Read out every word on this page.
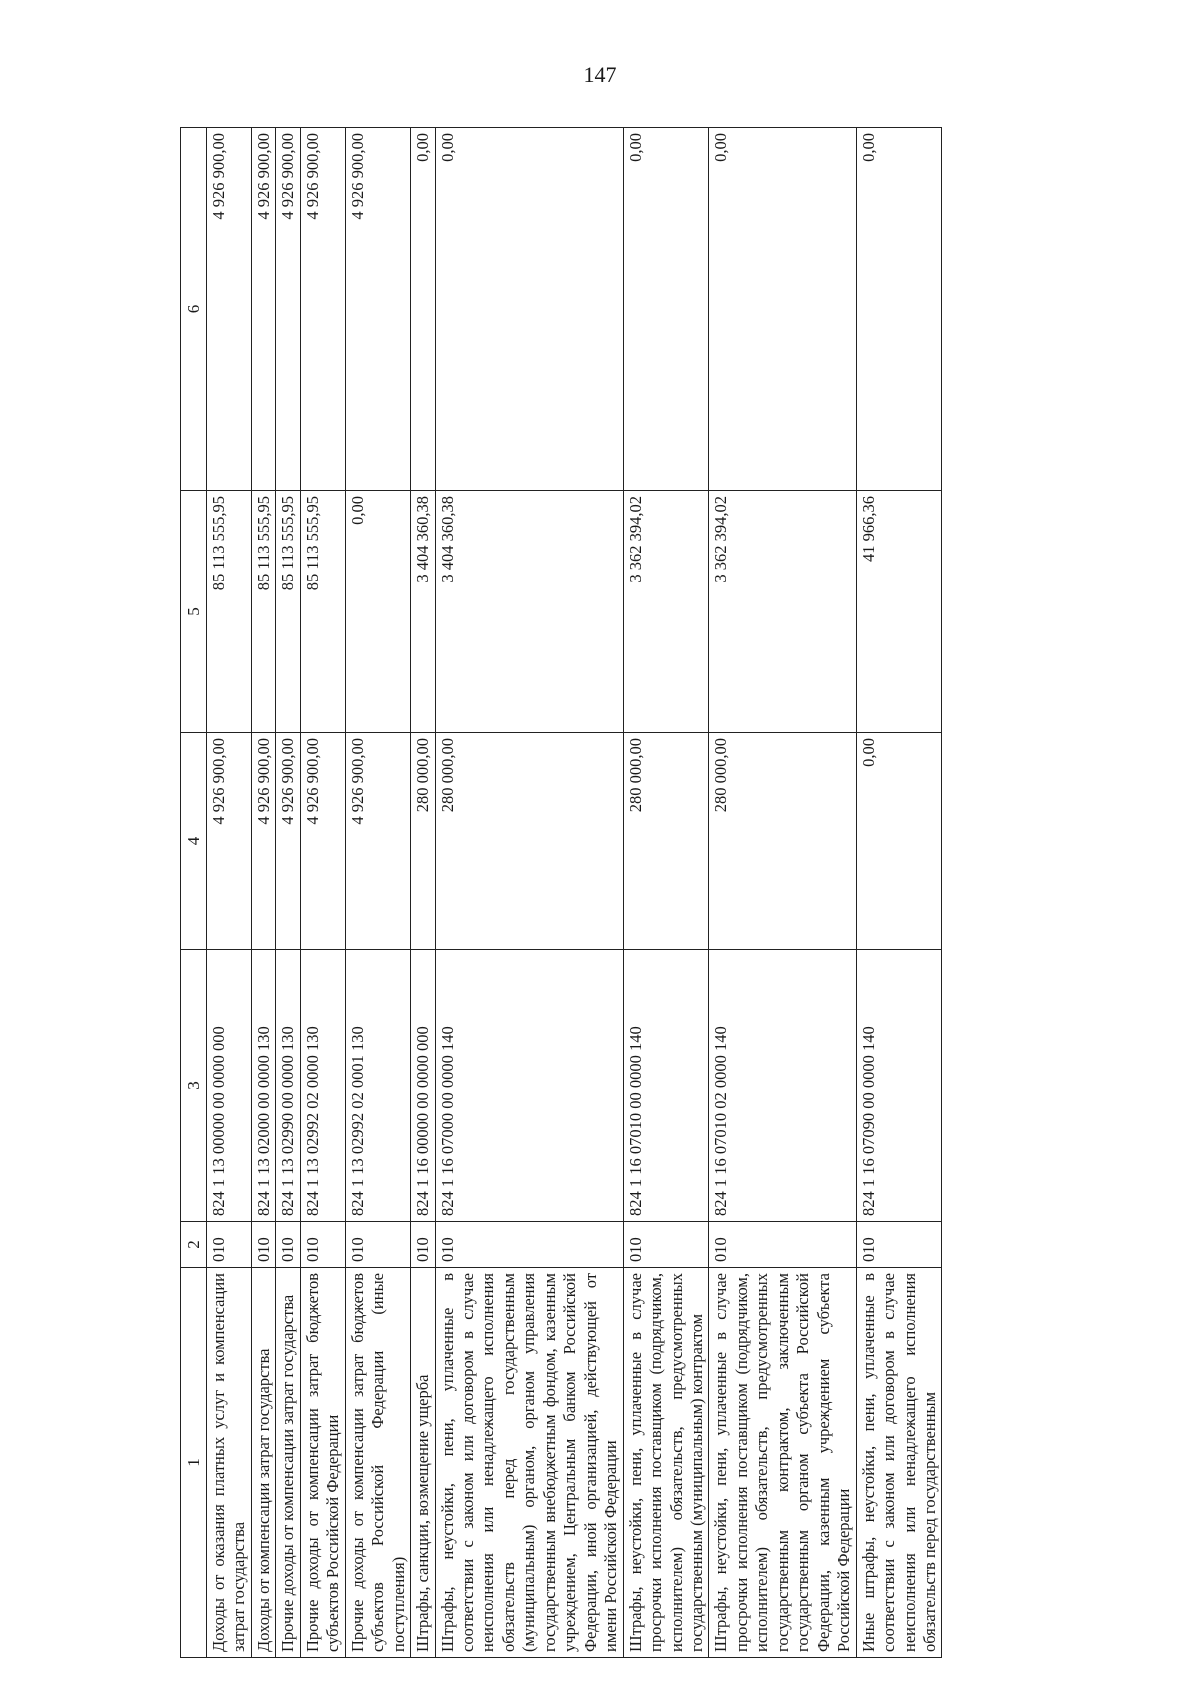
147
1	2	3	4	5	6
Доходы от оказания платных услуг и компенсации затрат государства	010	824 1 13 00000 00 0000 000	4 926 900,00	85 113 555,95	4 926 900,00
Доходы от компенсации затрат государства	010	824 1 13 02000 00 0000 130	4 926 900,00	85 113 555,95	4 926 900,00
Прочие доходы от компенсации затрат государства	010	824 1 13 02990 00 0000 130	4 926 900,00	85 113 555,95	4 926 900,00
Прочие доходы от компенсации затрат бюджетов субъектов Российской Федерации	010	824 1 13 02992 02 0000 130	4 926 900,00	85 113 555,95	4 926 900,00
Прочие доходы от компенсации затрат бюджетов субъектов Российской Федерации (иные поступления)	010	824 1 13 02992 02 0001 130	4 926 900,00	0,00	4 926 900,00
Штрафы, санкции, возмещение ущерба	010	824 1 16 00000 00 0000 000	280 000,00	3 404 360,38	0,00
Штрафы, неустойки, пени, уплаченные в соответствии с законом или договором в случае неисполнения или ненадлежащего исполнения обязательств перед государственным (муниципальным) органом, органом управления государственным внебюджетным фондом, казенным учреждением, Центральным банком Российской Федерации, иной организацией, действующей от имени Российской Федерации	010	824 1 16 07000 00 0000 140	280 000,00	3 404 360,38	0,00
Штрафы, неустойки, пени, уплаченные в случае просрочки исполнения поставщиком (подрядчиком, исполнителем) обязательств, предусмотренных государственным (муниципальным) контрактом	010	824 1 16 07010 00 0000 140	280 000,00	3 362 394,02	0,00
Штрафы, неустойки, пени, уплаченные в случае просрочки исполнения поставщиком (подрядчиком, исполнителем) обязательств, предусмотренных государственным контрактом, заключенным государственным органом субъекта Российской Федерации, казенным учреждением субъекта Российской Федерации	010	824 1 16 07010 02 0000 140	280 000,00	3 362 394,02	0,00
Иные штрафы, неустойки, пени, уплаченные в соответствии с законом или договором в случае неисполнения или ненадлежащего исполнения обязательств перед государственным	010	824 1 16 07090 00 0000 140	0,00	41 966,36	0,00
